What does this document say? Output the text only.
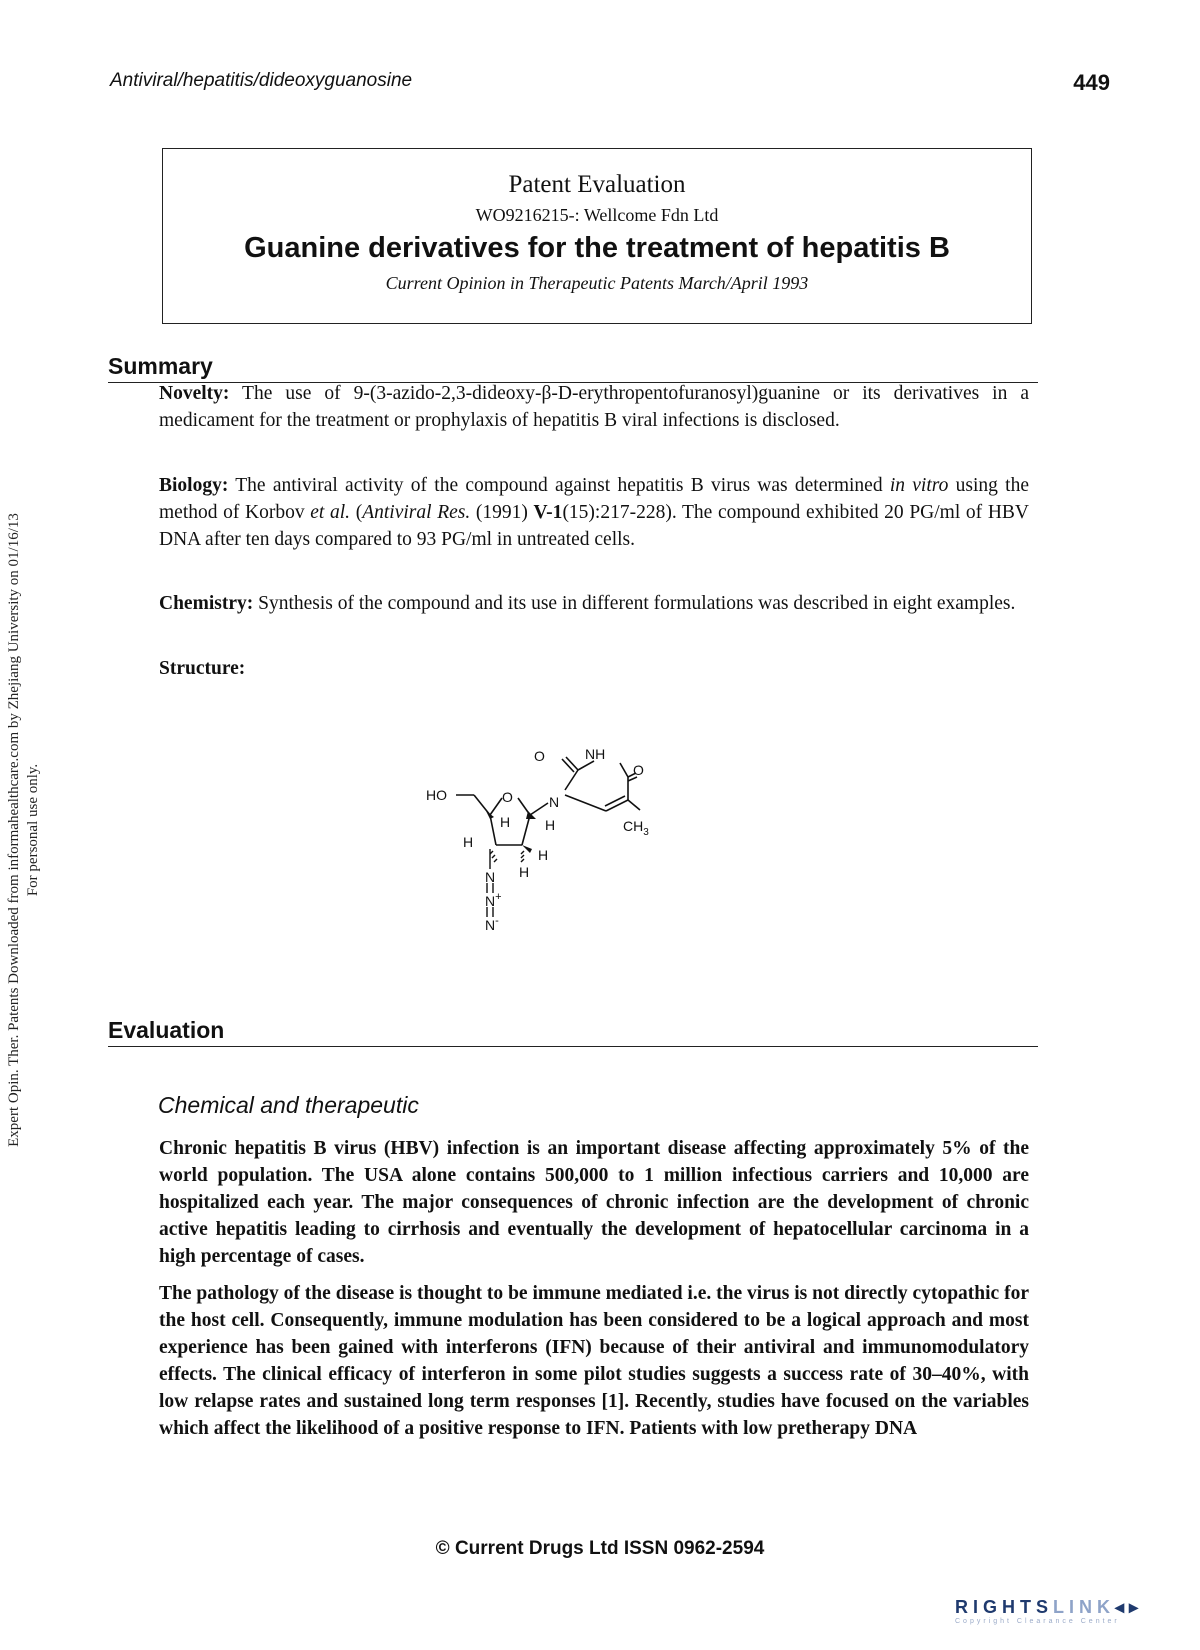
Antiviral/hepatitis/dideoxyguanosine	449
Expert Opin. Ther. Patents Downloaded from informahealthcare.com by Zhejiang University on 01/16/13 For personal use only.
Patent Evaluation
WO9216215-: Wellcome Fdn Ltd
Guanine derivatives for the treatment of hepatitis B
Current Opinion in Therapeutic Patents March/April 1993
Summary
Novelty: The use of 9-(3-azido-2,3-dideoxy-β-D-erythropentofuranosyl)guanine or its derivatives in a medicament for the treatment or prophylaxis of hepatitis B viral infections is disclosed.
Biology: The antiviral activity of the compound against hepatitis B virus was determined in vitro using the method of Korbov et al. (Antiviral Res. (1991) V-1(15):217-228). The compound exhibited 20 PG/ml of HBV DNA after ten days compared to 93 PG/ml in untreated cells.
Chemistry: Synthesis of the compound and its use in different formulations was described in eight examples.
Structure:
HO	O
H
H
H
H
H
O	NH
O
N
$CH_3$
N
N+
N-
Evaluation
Chemical and therapeutic
Chronic hepatitis B virus (HBV) infection is an important disease affecting approximately 5% of the world population. The USA alone contains 500,000 to 1 million infectious carriers and 10,000 are hospitalized each year. The major consequences of chronic infection are the development of chronic active hepatitis leading to cirrhosis and eventually the development of hepatocellular carcinoma in a high percentage of cases.
The pathology of the disease is thought to be immune mediated i.e. the virus is not directly cytopathic for the host cell. Consequently, immune modulation has been considered to be a logical approach and most experience has been gained with interferons (IFN) because of their antiviral and immunomodulatory effects. The clinical efficacy of interferon in some pilot studies suggests a success rate of 30–40%, with low relapse rates and sustained long term responses [1]. Recently, studies have focused on the variables which affect the likelihood of a positive response to IFN. Patients with low pretherapy DNA
© Current Drugs Ltd ISSN 0962-2594
RIGHTSLINK◂▸
Copyright Clearance Center
